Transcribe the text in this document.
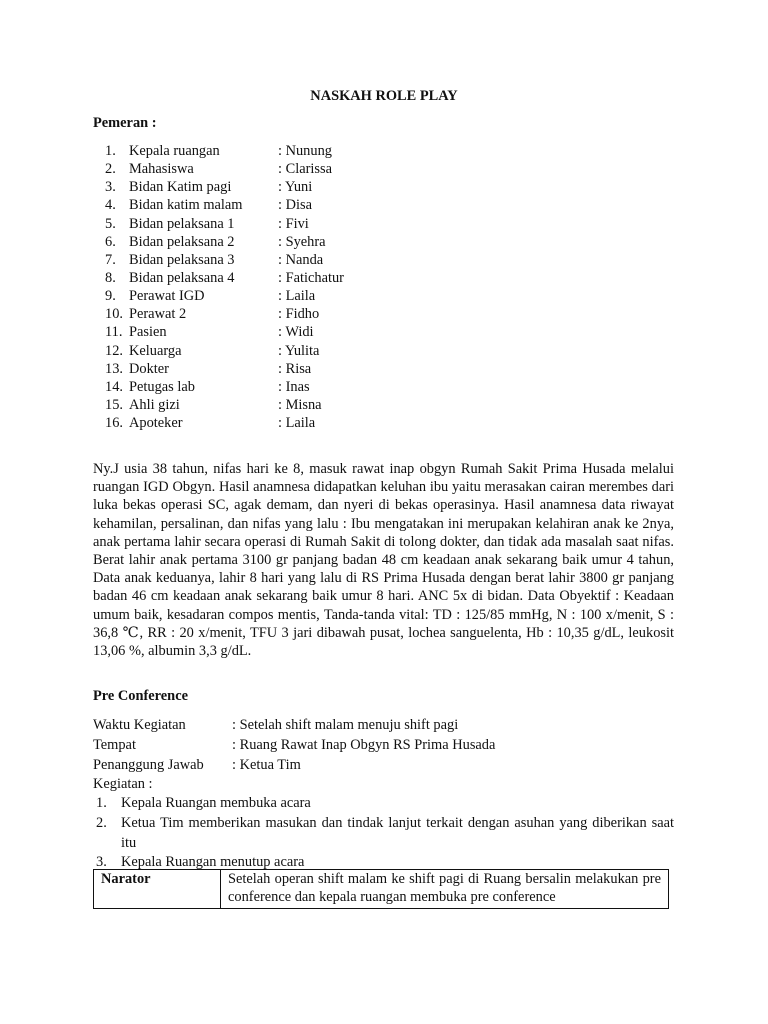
NASKAH ROLE PLAY
Pemeran :
1. Kepala ruangan	: Nunung
2. Mahasiswa	: Clarissa
3. Bidan Katim pagi	: Yuni
4. Bidan katim malam	: Disa
5. Bidan pelaksana 1	: Fivi
6. Bidan pelaksana 2	: Syehra
7. Bidan pelaksana 3	: Nanda
8. Bidan pelaksana 4	: Fatichatur
9. Perawat IGD	: Laila
10. Perawat 2	: Fidho
11. Pasien	: Widi
12. Keluarga	: Yulita
13. Dokter	: Risa
14. Petugas lab	: Inas
15. Ahli gizi	: Misna
16. Apoteker	: Laila
Ny.J usia 38 tahun, nifas hari ke 8, masuk rawat inap obgyn Rumah Sakit Prima Husada melalui ruangan IGD Obgyn. Hasil anamnesa didapatkan keluhan ibu yaitu merasakan cairan merembes dari luka bekas operasi SC, agak demam, dan nyeri di bekas operasinya. Hasil anamnesa data riwayat kehamilan, persalinan, dan nifas yang lalu : Ibu mengatakan ini merupakan kelahiran anak ke 2nya, anak pertama lahir secara operasi di Rumah Sakit di tolong dokter, dan tidak ada masalah saat nifas. Berat lahir anak pertama 3100 gr panjang badan 48 cm keadaan anak sekarang baik umur 4 tahun, Data anak keduanya, lahir 8 hari yang lalu di RS Prima Husada dengan berat lahir 3800 gr panjang badan 46 cm keadaan anak sekarang baik umur 8 hari. ANC 5x di bidan. Data Obyektif : Keadaan umum baik, kesadaran compos mentis, Tanda-tanda vital: TD : 125/85 mmHg, N : 100 x/menit, S : 36,8 ℃, RR : 20 x/menit, TFU 3 jari dibawah pusat, lochea sanguelenta, Hb : 10,35 g/dL, leukosit 13,06 %, albumin 3,3 g/dL.
Pre Conference
Waktu Kegiatan	: Setelah shift malam menuju shift pagi
Tempat	: Ruang Rawat Inap Obgyn RS Prima Husada
Penanggung Jawab	: Ketua Tim
Kegiatan :
1. Kepala Ruangan membuka acara
2. Ketua Tim memberikan masukan dan tindak lanjut terkait dengan asuhan yang diberikan saat itu
3. Kepala Ruangan menutup acara
Narator	Setelah operan shift malam ke shift pagi di Ruang bersalin melakukan pre conference dan kepala ruangan membuka pre conference
